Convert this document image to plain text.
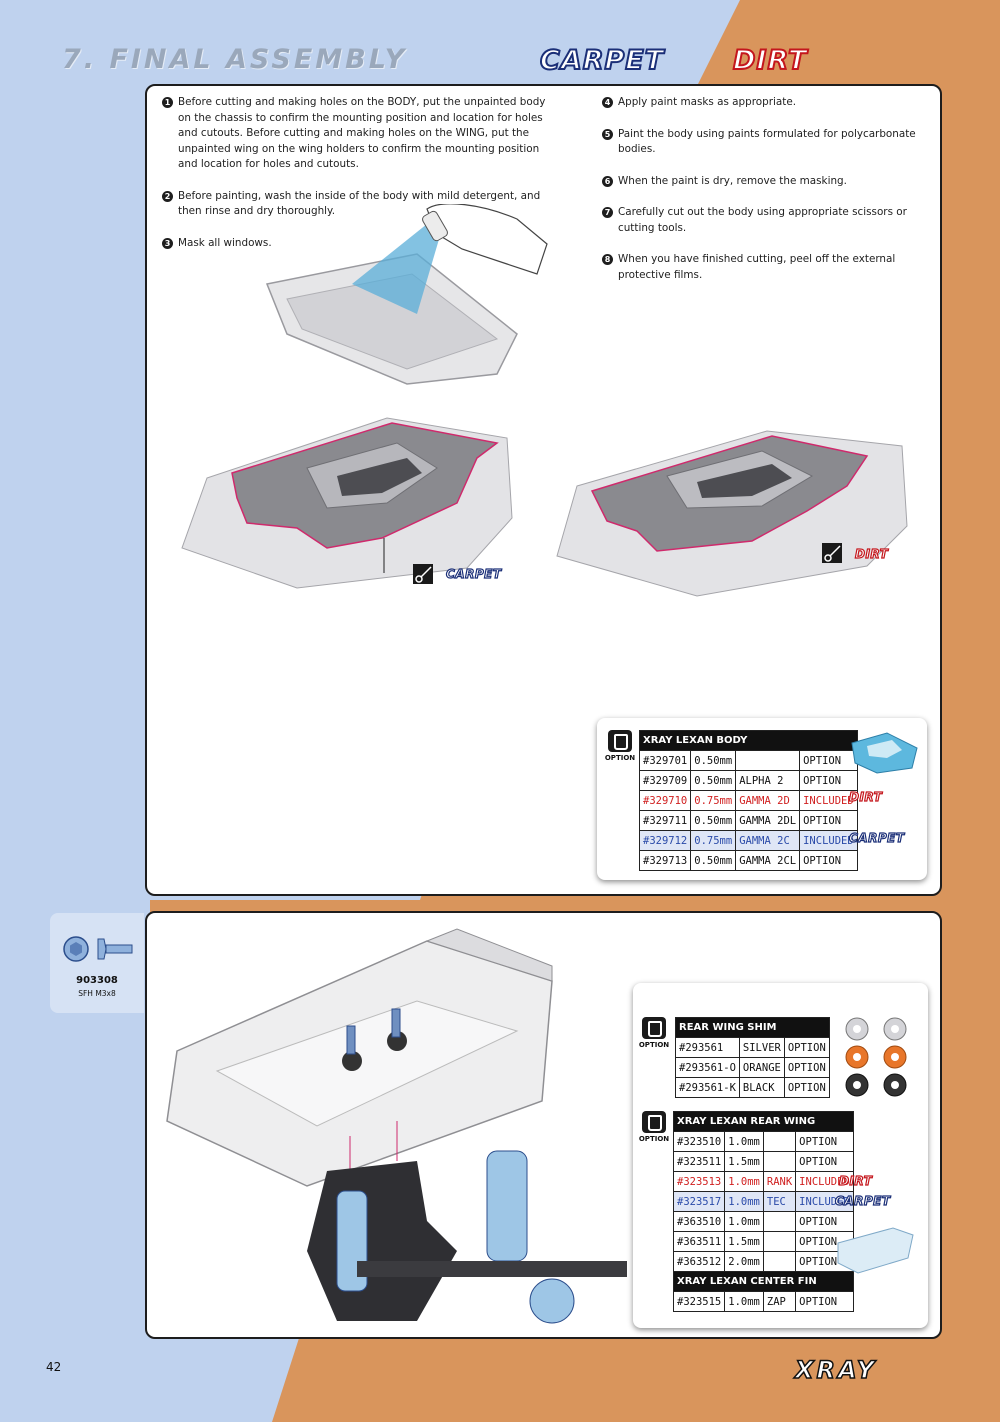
7. FINAL ASSEMBLY	CARPET	DIRT
1 Before cutting and making holes on the BODY, put the unpainted body on the chassis to confirm the mounting position and location for holes and cutouts. Before cutting and making holes on the WING, put the unpainted wing on the wing holders to confirm the mounting position and location for holes and cutouts.
2 Before painting, wash the inside of the body with mild detergent, and then rinse and dry thoroughly.
3 Mask all windows.
4 Apply paint masks as appropriate.
5 Paint the body using paints formulated for polycarbonate bodies.
6 When the paint is dry, remove the masking.
7 Carefully cut out the body using appropriate scissors or cutting tools.
8 When you have finished cutting, peel off the external protective films.
CARPET
DIRT
OPTION
XRAY LEXAN BODY			
#329701	0.50mm		OPTION
#329709	0.50mm	ALPHA 2	OPTION
#329710	0.75mm	GAMMA 2D	INCLUDED
#329711	0.50mm	GAMMA 2DL	OPTION
#329712	0.75mm	GAMMA 2C	INCLUDED
#329713	0.50mm	GAMMA 2CL	OPTION
DIRT
CARPET
903308
SFH M3x8
OPTION
REAR WING SHIM		
#293561	SILVER	OPTION
#293561-O	ORANGE	OPTION
#293561-K	BLACK	OPTION
OPTION
XRAY LEXAN REAR WING			
#323510	1.0mm		OPTION
#323511	1.5mm		OPTION
#323513	1.0mm	RANK	INCLUDED
#323517	1.0mm	TEC	INCLUDED
#363510	1.0mm		OPTION
#363511	1.5mm		OPTION
#363512	2.0mm		OPTION
XRAY LEXAN CENTER FIN			
#323515	1.0mm	ZAP	OPTION
DIRT
CARPET
42	XRAY
